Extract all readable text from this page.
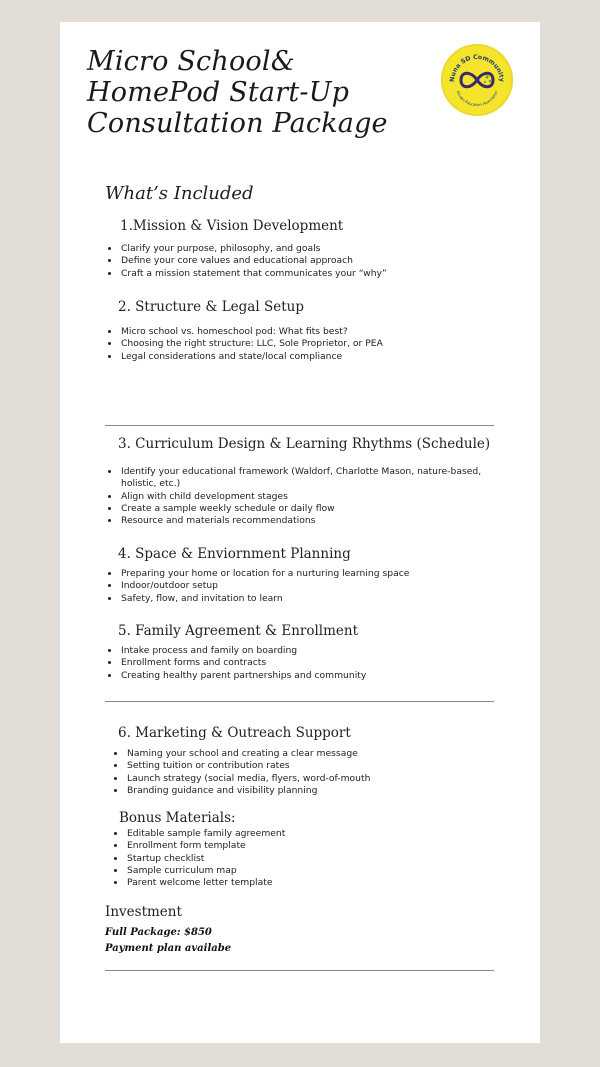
Micro School&
HomePod Start-Up
Consultation Package
Nuna SD Community
Private Education Association
What’s Included
1.Mission & Vision Development
• Clarify your purpose, philosophy, and goals
• Define your core values and educational approach
• Craft a mission statement that communicates your “why”
2. Structure & Legal Setup
• Micro school vs. homeschool pod: What fits best?
• Choosing the right structure: LLC, Sole Proprietor, or PEA
• Legal considerations and state/local compliance
3. Curriculum Design & Learning Rhythms (Schedule)
• Identify your educational framework (Waldorf, Charlotte Mason, nature-based, holistic, etc.)
• Align with child development stages
• Create a sample weekly schedule or daily flow
• Resource and materials recommendations
4. Space & Enviornment Planning
• Preparing your home or location for a nurturing learning space
• Indoor/outdoor setup
• Safety, flow, and invitation to learn
5. Family Agreement & Enrollment
• Intake process and family on boarding
• Enrollment forms and contracts
• Creating healthy parent partnerships and community
6. Marketing & Outreach Support
• Naming your school and creating a clear message
• Setting tuition or contribution rates
• Launch strategy (social media, flyers, word-of-mouth
• Branding guidance and visibility planning
Bonus Materials:
• Editable sample family agreement
• Enrollment form template
• Startup checklist
• Sample curriculum map
• Parent welcome letter template
Investment
Full Package: $850
Payment plan availabe
